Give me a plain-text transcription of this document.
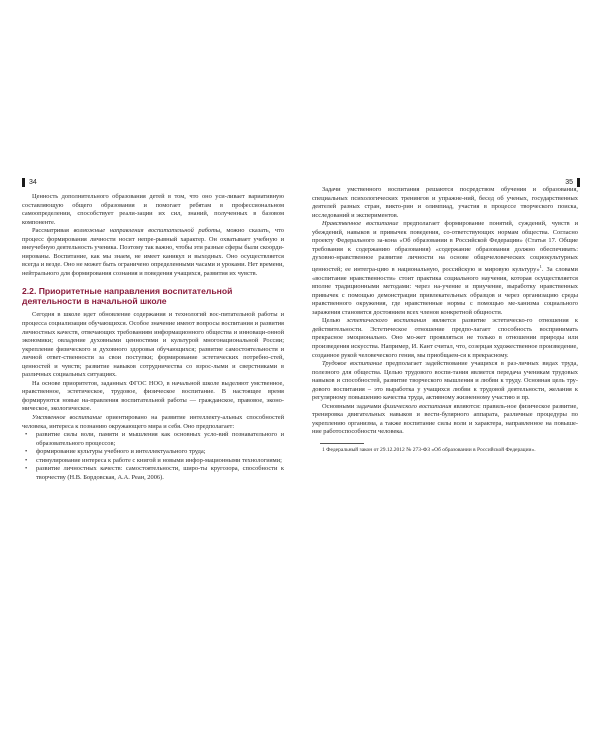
34

Ценность дополнительного образования детей в том, что оно уси-ливает вариативную составляющую общего образования и помогает ребятам в профессиональном самоопределении, способствует реали-зации их сил, знаний, полученных в базовом компоненте.

Рассматривая возможные направления воспитательной работы, можно сказать, что процесс формирования личности носит непре-рывный характер. Он охватывает учебную и внеучебную деятельность ученика. Поэтому так важно, чтобы эти разные сферы были скоорди-нированы. Воспитание, как мы знаем, не имеет каникул и выходных. Оно осуществляется всегда и везде. Оно не может быть ограничено определенными часами и уроками. Нет времени, нейтрального для формирования сознания и поведения учащихся, развития их чувств.

2.2. Приоритетные направления воспитательной деятельности в начальной школе

Сегодня в школе идет обновление содержания и технологий вос-питательной работы и процесса социализации обучающихся. Особое значение имеют вопросы воспитания и развития личностных качеств, отвечающих требованиям информационного общества и инноваци-онной экономики; овладение духовными ценностями и культурой многонациональной России; укрепление физического и духовного здоровья обучающихся; развитие самостоятельности и личной ответ-ственности за свои поступки; формирование эстетических потребно-стей, ценностей и чувств; развитие навыков сотрудничества со взрос-лыми и сверстниками в различных социальных ситуациях.

На основе приоритетов, заданных ФГОС НОО, в начальной школе выделяют умственное, нравственное, эстетическое, трудовое, физическое воспитание. В настоящее время формируются новые на-правления воспитательной работы — гражданское, правовое, эконо-мическое, экологическое.

Умственное воспитание ориентировано на развитие интеллекту-альных способностей человека, интереса к познанию окружающего мира и себя. Оно предполагает:

• развитие силы воли, памяти и мышления как основных усло-вий познавательного и образовательного процессов;
• формирование культуры учебного и интеллектуального труда;
• стимулирование интереса к работе с книгой и новыми инфор-мационными технологиями;
• развитие личностных качеств: самостоятельности, широ-ты кругозора, способности к творчеству (Н.В. Бордовская, А.А. Реан, 2006).
35

Задачи умственного воспитания решаются посредством обучения и образования, специальных психологических тренингов и упражне-ний, бесед об ученых, государственных деятелей разных стран, викто-рин и олимпиад, участия в процессе творческого поиска, исследований и экспериментов.

Нравственное воспитание предполагает формирование понятий, суждений, чувств и убеждений, навыков и привычек поведения, со-ответствующих нормам общества. Согласно проекту Федерального за-кона «Об образовании в Российской Федерации» (Статья 17. Общие требования к содержанию образования) «содержание образования должно обеспечивать: духовно-нравственное развитие личности на основе общечеловеческих социокультурных ценностей; ее интегра-цию в национальную, российскую и мировую культуру»$^1$. За словами «воспитание нравственности» стоит практика социального научения, которая осуществляется вполне традиционными методами: через на-учение и приучение, выработку нравственных привычек с помощью демонстрации привлекательных образцов и через организацию среды нравственного окружения, где нравственные нормы с помощью ме-ханизма социального заражения становятся достоянием всех членов конкретной общности.

Целью эстетического воспитания является развитие эстетическо-го отношения к действительности. Эстетическое отношение предпо-лагает способность воспринимать прекрасное эмоционально. Оно мо-жет проявляться не только в отношении природы или произведения искусства. Например, И. Кант считал, что, созерцая художественное произведение, созданное рукой человеческого гения, мы приобщаем-ся к прекрасному.

Трудовое воспитание предполагает задействование учащихся в раз-личных видах труда, полезного для общества. Целью трудового воспи-тания является передача ученикам трудовых навыков и способностей, развитие творческого мышления и любви к труду. Основная цель тру-дового воспитания – это выработка у учащихся любви к трудовой деятельности, желания к регулярному повышению качества труда, активному жизненному участию и пр.

Основными задачами физического воспитания являются: правиль-ное физическое развитие, тренировка двигательных навыков и вести-булярного аппарата, различные процедуры по укреплению организма, а также воспитание силы воли и характера, направленное на повыше-ние работоспособности человека.

1 Федеральный закон от 29.12.2012 № 273-ФЗ «Об образовании в Российской Федерации».
